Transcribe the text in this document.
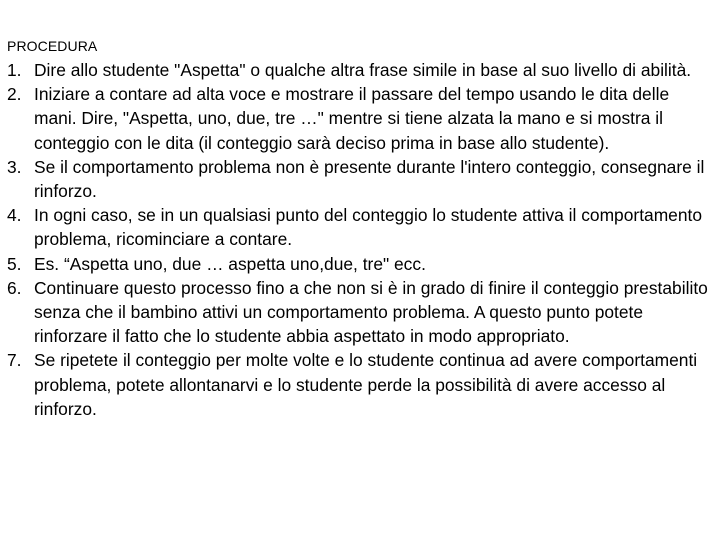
PROCEDURA
1. Dire allo studente "Aspetta" o qualche altra frase simile in base al suo livello di abilità.
2. Iniziare a contare ad alta voce e mostrare il passare del tempo usando le dita delle mani. Dire, "Aspetta, uno, due, tre …" mentre si tiene alzata la mano e si mostra il conteggio con le dita (il conteggio sarà deciso prima in base allo studente).
3. Se il comportamento problema non è presente durante l'intero conteggio, consegnare il rinforzo.
4. In ogni caso, se in un qualsiasi punto del conteggio lo studente attiva il comportamento problema, ricominciare a contare.
5. Es. “Aspetta uno, due … aspetta uno,due, tre" ecc.
6. Continuare questo processo fino a che non si è in grado di finire il conteggio prestabilito senza che il bambino attivi un comportamento problema. A questo punto potete rinforzare il fatto che lo studente abbia aspettato in modo appropriato.
7. Se ripetete il conteggio per molte volte e lo studente continua ad avere comportamenti problema, potete allontanarvi e lo studente perde la possibilità di avere accesso al rinforzo.
